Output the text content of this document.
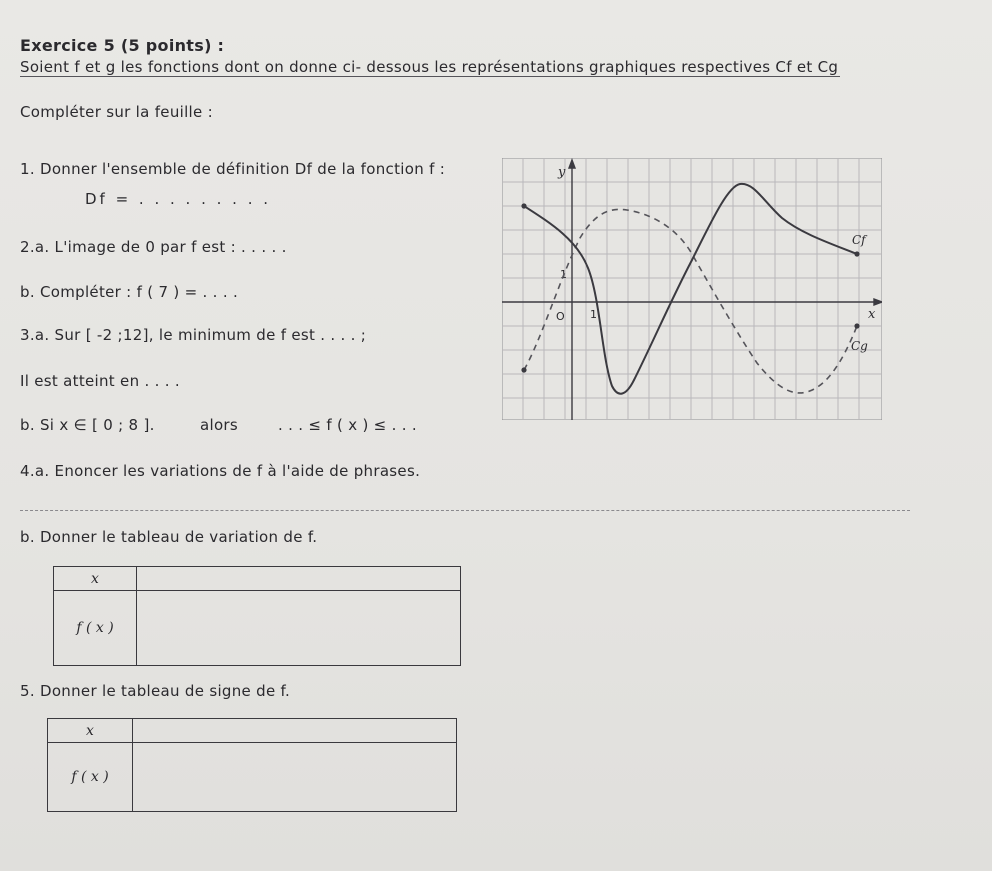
Exercice 5 (5 points) :
Soient f et g les fonctions dont on donne ci- dessous les représentations graphiques respectives Cf et Cg
Compléter sur la feuille :
1. Donner l'ensemble de définition Df de la fonction f :
Df = . . . . . . . . .
2.a. L'image de 0 par f est : . . . . .
b. Compléter : f ( 7 ) = . . . .
3.a. Sur [ -2 ;12], le minimum de f est . . . . ;
Il est atteint en . . . .
b. Si x ∈ [ 0 ; 8 ].	alors	. . . ≤ f ( x ) ≤ . . .
y
x
O 1
1
Cf
Cg
4.a. Enoncer les variations de f à l'aide de phrases.
b. Donner le tableau de variation de f.
x	
f ( x )	
5. Donner le tableau de signe de f.
x	
f ( x )	
